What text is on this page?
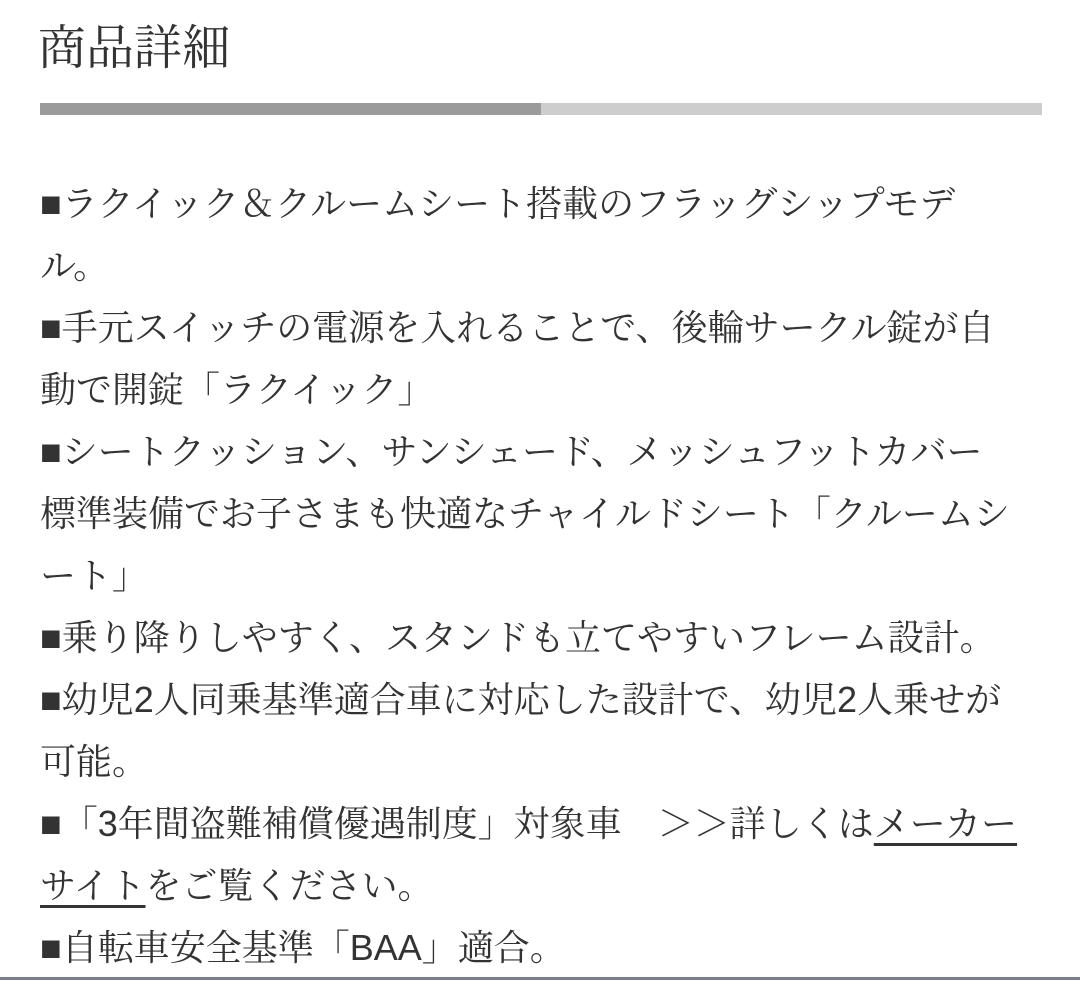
商品詳細
■ラクイック＆クルームシート搭載のフラッグシップモデ
ル。
■手元スイッチの電源を入れることで、後輪サークル錠が自
動で開錠「ラクイック」
■シートクッション、サンシェード、メッシュフットカバー
標準装備でお子さまも快適なチャイルドシート「クルームシ
ート」
■乗り降りしやすく、スタンドも立てやすいフレーム設計。
■幼児2人同乗基準適合車に対応した設計で、幼児2人乗せが
可能。
■「3年間盗難補償優遇制度」対象車　＞＞詳しくはメーカー
サイトをご覧ください。
■自転車安全基準「BAA」適合。
